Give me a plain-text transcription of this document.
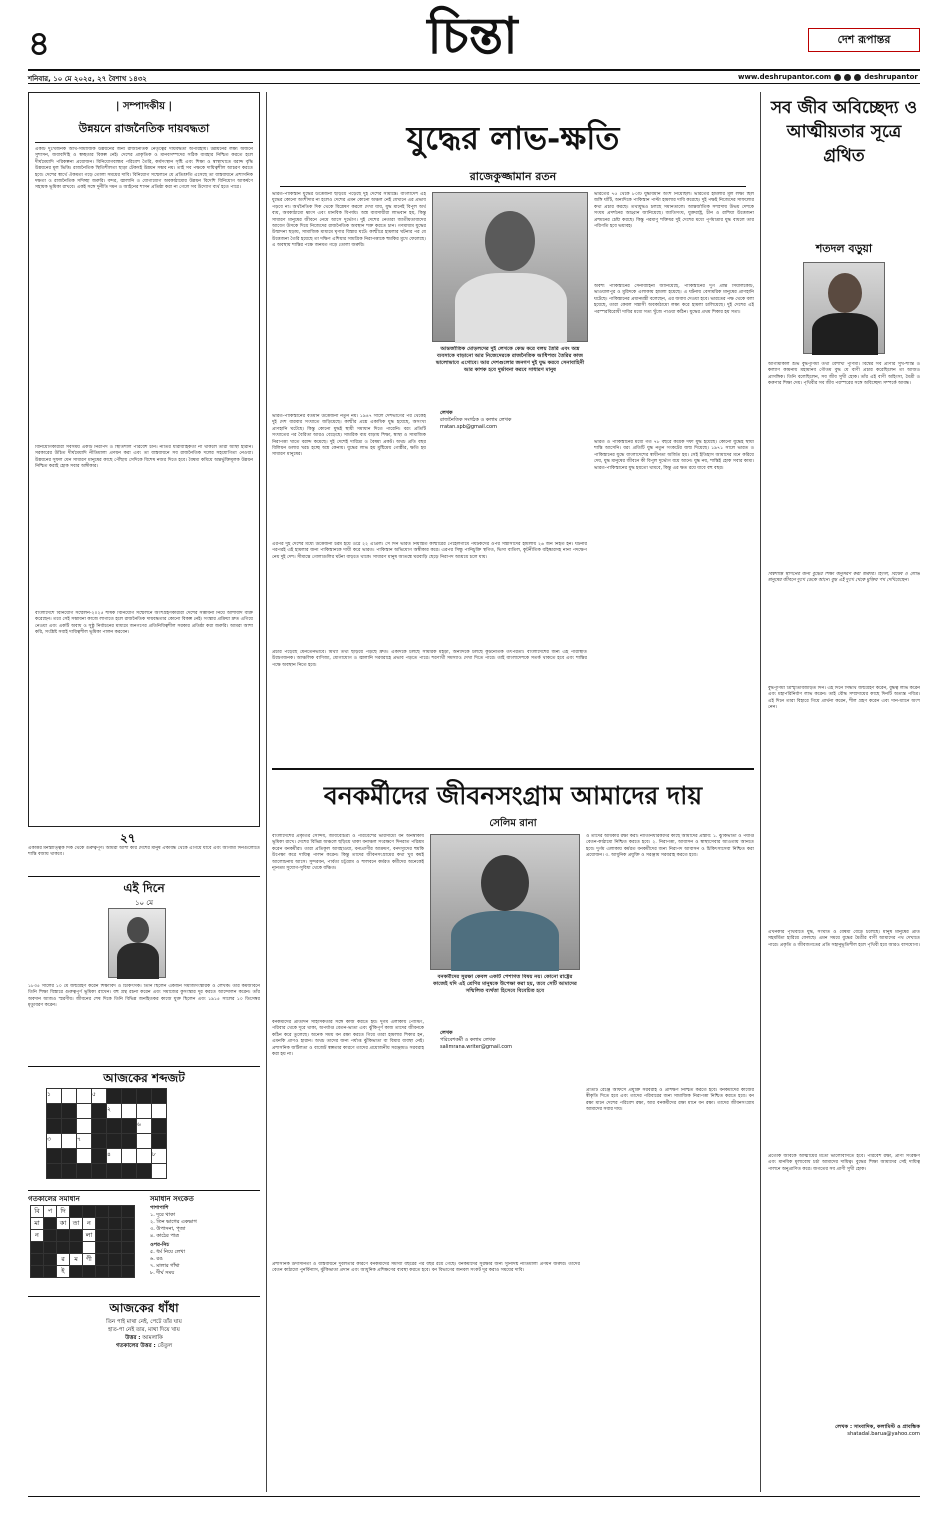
৪	চিন্তা	দেশ রূপান্তর
শনিবার, ১০ মে ২০২৫, ২৭ বৈশাখ ১৪৩২	www.deshrupantor.com	deshrupantor
| সম্পাদকীয় |
উন্নয়নে রাজনৈতিক দায়বদ্ধতা
একটি দুঃখজনক আর্থ-সামাজিক উন্নয়নের জন্য রাজনৈতিক নেতৃত্বের দায়বদ্ধতা অপরিহার্য। উন্নয়নের লক্ষ্য অর্জনে সুশাসন, জবাবদিহি ও স্বচ্ছতার বিকল্প নেই। দেশের প্রাকৃতিক ও মানবসম্পদের সঠিক ব্যবহার নিশ্চিত করতে হলে দীর্ঘমেয়াদি পরিকল্পনা প্রয়োজন। বিনিয়োগবান্ধব পরিবেশ তৈরি, কর্মসংস্থান সৃষ্টি এবং শিক্ষা ও স্বাস্থ্যখাতে বরাদ্দ বৃদ্ধি উন্নয়নের মূল ভিত্তি। রাজনৈতিক স্থিতিশীলতা ছাড়া টেকসই উন্নয়ন সম্ভব নয়। তাই সব পক্ষকে দায়িত্বশীল আচরণ করতে হবে। দেশের স্বার্থে ঐকমত্য গড়ে তোলা সময়ের দাবি। বিনিয়োগ সম্মেলনে যে প্রতিশ্রুতি এসেছে তা বাস্তবায়নে প্রশাসনিক দক্ষতা ও রাজনৈতিক সদিচ্ছা জরুরি। বন্দর, জ্বালানি ও যোগাযোগ অবকাঠামোর উন্নয়ন বিদেশি বিনিয়োগ আকর্ষণে সহায়ক ভূমিকা রাখবে। একই সঙ্গে দুর্নীতি দমন ও আইনের শাসন প্রতিষ্ঠা করা না গেলে সব উদ্যোগ ব্যর্থ হতে পারে।
বিনিয়োগকারীরা সবসময় একটি নিরাপদ ও স্থিতিশীল পরিবেশ চান। নীতির ধারাবাহিকতা না থাকলে তারা আস্থা হারান। সরকারের উচিত দীর্ঘমেয়াদি নীতিমালা প্রণয়ন করা এবং তা বাস্তবায়নে সব রাজনৈতিক দলের সহযোগিতা নেওয়া। উন্নয়নের সুফল যেন সাধারণ মানুষের কাছে পৌঁছায় সেদিকে বিশেষ নজর দিতে হবে। বৈষম্য কমিয়ে অন্তর্ভুক্তিমূলক উন্নয়ন নিশ্চিত করাই হোক সবার অঙ্গীকার।
বাংলাদেশে বিনিয়োগ সম্মেলন-২০২৫ শীর্ষক বিনিয়োগ সম্মেলনে অংশগ্রহণকারীরা দেশের সম্ভাবনা নিয়ে আশাবাদ ব্যক্ত করেছেন। তবে সেই সম্ভাবনা কাজে লাগাতে হলে রাজনৈতিক দায়বদ্ধতার কোনো বিকল্প নেই। সংস্কার প্রক্রিয়া দ্রুত এগিয়ে নেওয়া এবং একটি অবাধ ও সুষ্ঠু নির্বাচনের মাধ্যমে জনগণের প্রতিনিধিত্বশীল সরকার প্রতিষ্ঠা করা জরুরি। আমরা আশা করি, সংশ্লিষ্ট সবাই দায়িত্বশীল ভূমিকা পালন করবেন।
২৭
একাত্তর মনস্তাত্ত্বিক দিক থেকে গুরুত্বপূর্ণ। আমরা আশা করি দেশের মানুষ ঐক্যবদ্ধ থেকে এগিয়ে যাবে এবং আগামী দিনগুলোতে শান্তি বজায় থাকবে।
এই দিনে
১০ মে
১৮৩৫ সালের ১০ মে জন্মগ্রহণ করেন শিক্ষাবিদ ও চিকিৎসক। তিনি ছিলেন একজন সমাজসংস্কারক ও লেখক। তাঁর কর্মজীবনে তিনি শিক্ষা বিস্তারে গুরুত্বপূর্ণ ভূমিকা রাখেন। বহু গ্রন্থ রচনা করেন এবং সমাজের কুসংস্কার দূর করতে আন্দোলন করেন। তাঁর অবদান আজও স্মরণীয়। জীবনের শেষ দিকে তিনি বিভিন্ন জনহিতকর কাজে যুক্ত ছিলেন এবং ১৯১৫ সালের ১০ ডিসেম্বর মৃত্যুবরণ করেন।
আজকের শব্দজট
১			৫				
				২			
						৬	
৩		৭					
				৪			৮

গতকালের সমাধান	সমাধান সংকেত
বি	প	দি					
মা		কা	তা	ন			
ন				লা			

		র	ম	ণী			
		ই					
পাশাপাশি
১. দূরে থাকা
২. তিন ভাগের একভাগ
৩. উপাসনা, পূজা
৪. কাঠের পাত্র
ওপর-নিচ
৫. ধর্ম নিয়ে লেখা
৬. রঙ
৭. মালার গাঁথা
৮. দীর্ঘ সময়
আজকের ধাঁধা
তিন পাই মাথা নেই, পেটে তাঁর ঘায়
হাত-পা নেই তার, মাথা দিয়ে খায়
উত্তর : আমলাকি
গতকালের উত্তর : তেঁতুল
যুদ্ধের লাভ-ক্ষতি
রাজেকুজ্জামান রতন
ভারত-পাকিস্তান যুদ্ধের উত্তেজনা ছড়িয়ে পড়েছে দুই দেশের সীমান্তে। বাংলাদেশ এই যুদ্ধের কোনো অংশীদার না হলেও দেশের এমন কোনো অঞ্চল নেই যেখানে এর প্রভাব পড়বে না। অর্থনৈতিক দিক থেকে বিশ্লেষণ করলে দেখা যায়, যুদ্ধ মানেই বিপুল অর্থ ব্যয়, অবকাঠামো ধ্বংস এবং মানবিক বিপর্যয়। অস্ত্র ব্যবসায়ীরা লাভবান হয়, কিন্তু সাধারণ মানুষের জীবনে নেমে আসে দুর্ভোগ। দুই দেশের নেতারা জাতীয়তাবাদের আবেগ উসকে দিয়ে নিজেদের রাজনৈতিক অবস্থান শক্ত করতে চান। গণমাধ্যম যুদ্ধের উন্মাদনা ছড়ায়, সামাজিক মাধ্যমে ঘৃণার বিস্তার ঘটে। কাশ্মীরে হামলার ঘটনার পর যে উত্তেজনা তৈরি হয়েছে তা দক্ষিণ এশিয়ার সামগ্রিক নিরাপত্তাকে হুমকির মুখে ফেলেছে। এ অবস্থায় শান্তির পক্ষে জনমত গড়ে তোলা জরুরি।
আন্তর্জাতিক মোড়লদের দুই লেখকে কেন্দ্র করে বলয় তৈরি এবং অস্ত্র ব্যবসাকে বাড়ানো আর নিজেদেরকে রাজনৈতিক আধিপত্য তৈরির কাজ ভালোভাবে এগোবে। আর দেশগুলোর জনগণ দুই যুদ্ধ করবে সেনাবাহিনী আর কাশক হবে দুর্ভাবনা করবে সাধারণ মানুষ
লেখক
রাজনৈতিক সংগঠক ও কলাম লেখক
rratan.spb@gmail.com
ভারতের ৭৫ থেকে ৮০টি যুদ্ধবিমান অংশ নিয়েছিল। ভারতের হামলার মূল লক্ষ্য ছিল জঙ্গি ঘাঁটি, অন্যদিকে পাকিস্তান পাল্টা হামলার দাবি করেছে। দুই পক্ষই নিজেদের সাফল্যের কথা প্রচার করছে। তথ্যযুদ্ধও চলছে সমানতালে। আন্তর্জাতিক সম্প্রদায় উভয় দেশকে সংযম প্রদর্শনের আহ্বান জানিয়েছে। জাতিসংঘ, যুক্তরাষ্ট্র, চীন ও রাশিয়া উত্তেজনা প্রশমনের চেষ্টা করছে। কিন্তু পরমাণু শক্তিধর দুই দেশের মধ্যে পূর্ণমাত্রার যুদ্ধ বাধলে তার পরিণতি হবে ভয়াবহ।
অবশ্য পাকিস্তানের সেনাবাহিনী জানিয়েছে, পাকিস্তানের দুর্গ প্রান্ত সিয়ালকোট, ভাওয়ালপুর ও মুরিদকে এলাকায় হামলা হয়েছে। এ ঘটনায় বেসামরিক মানুষের প্রাণহানি ঘটেছে। পাকিস্তানের প্রধানমন্ত্রী বলেছেন, এর জবাব দেওয়া হবে। ভারতের পক্ষ থেকে বলা হয়েছে, তারা কেবল সন্ত্রাসী অবকাঠামো লক্ষ্য করে হামলা চালিয়েছে। দুই দেশের এই পরস্পরবিরোধী দাবির মধ্যে সত্য খুঁজে পাওয়া কঠিন। যুদ্ধের প্রথম শিকার হয় সত্য।
ভারত-পাকিস্তানের বর্তমান উত্তেজনা নতুন নয়। ১৯৪৭ সালে দেশভাগের পর থেকেই দুই দেশ বারবার সংঘাতে জড়িয়েছে। কাশ্মীর প্রশ্নে একাধিক যুদ্ধ হয়েছে, অসংখ্য প্রাণহানি ঘটেছে। কিন্তু কোনো যুদ্ধই স্থায়ী সমাধান দিতে পারেনি। বরং প্রতিটি সংঘাতের পর বৈরিতা আরও বেড়েছে। সামরিক ব্যয় বাড়ায় শিক্ষা, স্বাস্থ্য ও সামাজিক নিরাপত্তা খাতে বরাদ্দ কমেছে। দুই দেশেই দারিদ্র্য ও বৈষম্য প্রকট। অথচ প্রতি বছর বিলিয়ন ডলার খরচ হচ্ছে অস্ত্র কেনায়। যুদ্ধের লাভ হয় মুষ্টিমেয় গোষ্ঠীর, ক্ষতি হয় সাধারণ মানুষের।
এরপর দুই দেশের মধ্যে উত্তেজনা চরম হয়ে ওঠে ২২ এপ্রিল। সে দিন ভারত নিয়ন্ত্রিত কাশ্মীরের পেহেলগামে পর্যটকদের ওপর সন্ত্রাসীদের হামলায় ২৬ জন নিহত হন। ঘটনার পরপরই এই হামলার জন্য পাকিস্তানকে দায়ী করে ভারত। পাকিস্তান অভিযোগ অস্বীকার করে। এরপর সিন্ধু পানিচুক্তি স্থগিত, ভিসা বাতিল, কূটনীতিক বহিষ্কারসহ নানা পদক্ষেপ নেয় দুই দেশ। সীমান্তে গোলাগুলির ঘটনা বাড়তে থাকে। সাধারণ মানুষ আতঙ্কে ঘরবাড়ি ছেড়ে নিরাপদ আশ্রয়ে চলে যায়।
প্রচার পড়েছে যেনতেনভাবে। মিথ্যা তথ্য ছড়িয়ে পড়ছে দ্রুত। একদিকে চলছে সামরিক মহড়া, অন্যদিকে চলছে কূটনৈতিক তৎপরতা। বাংলাদেশের জন্য এই পরিস্থিতি উদ্বেগজনক। আঞ্চলিক বাণিজ্য, যোগাযোগ ও জ্বালানি সরবরাহে প্রভাব পড়তে পারে। শরণার্থী সমস্যাও দেখা দিতে পারে। তাই বাংলাদেশকে সতর্ক থাকতে হবে এবং শান্তির পক্ষে অবস্থান নিতে হবে।
ভারত ও পাকিস্তানের মধ্যে গত ৭৮ বছরে কয়েক দফা যুদ্ধ হয়েছে। কোনো যুদ্ধেই স্থায়ী শান্তি আসেনি। বরং প্রতিটি যুদ্ধ নতুন সংকটের জন্ম দিয়েছে। ১৯৭১ সালে ভারত ও পাকিস্তানের যুদ্ধে বাংলাদেশের স্বাধীনতা অর্জিত হয়। সেই ইতিহাস আমাদের মনে করিয়ে দেয়, যুদ্ধ মানুষের জীবনে কী বিপুল দুর্ভোগ বয়ে আনে। যুদ্ধ নয়, শান্তিই হোক সবার কাম্য। ভারত-পাকিস্তানের যুদ্ধ হয়তো থামবে, কিন্তু এর ক্ষত রয়ে যাবে বহু বছর।
বনকর্মীদের জীবনসংগ্রাম আমাদের দায়
সেলিম রানা
বাংলাদেশের প্রকৃতির সৌন্দর্য, জীববৈচিত্র্য ও পরিবেশের ভারসাম্যে বন অনস্বীকার্য ভূমিকা রাখে। দেশের বিভিন্ন অঞ্চলে ছড়িয়ে থাকা বনাঞ্চল সংরক্ষণে দিনরাত পরিশ্রম করেন বনকর্মীরা। তারা প্রতিকূল আবহাওয়া, বন্যপ্রাণীর আক্রমণ, বনদস্যুদের হুমকি উপেক্ষা করে দায়িত্ব পালন করেন। কিন্তু তাদের জীবনসংগ্রামের কথা খুব কমই আলোচনায় আসে। সুন্দরবন, পার্বত্য চট্টগ্রাম ও শালবনে কর্মরত কর্মীদের অনেকেই ন্যূনতম সুযোগ-সুবিধা থেকে বঞ্চিত।
বনকর্মীদের সুরক্ষা কেবল একটি পেশাগত বিষয় নয়। কোনো রাষ্ট্রের কাজেই যদি এই শ্রেণির মানুষকে উপেক্ষা করা হয়, তবে সেটি আমাদের সম্মিলিত ব্যর্থতা হিসেবে বিবেচিত হবে
লেখক
পরিবেশকর্মী ও কলাম লেখক
salimrana.writer@gmail.com
ও তাদের অধিকার রক্ষা করা। নীতিনির্ধারকদের কাছে আমাদের প্রস্তাব: ১. ঝুঁকিভাতা ও পর্যাপ্ত বেতন-কাঠামো নিশ্চিত করতে হবে। ২. নিরাপত্তা, আবাসন ও স্বাস্থ্যসেবার আওতায় আনতে হবে। দুর্গম এলাকায় কর্মরত বনকর্মীদের জন্য নিরাপদ আবাসন ও চিকিৎসাসেবা নিশ্চিত করা প্রয়োজন। ৩. আধুনিক প্রযুক্তি ও সরঞ্জাম সরবরাহ করতে হবে।
বনকর্মীদের প্রতিদিন সাহসিকতার সঙ্গে কাজ করতে হয়। দুর্গম এলাকায় পোস্টিং, পরিবার থেকে দূরে থাকা, অপর্যাপ্ত বেতন-ভাতা এবং ঝুঁকিপূর্ণ কাজ তাদের জীবনকে কঠিন করে তুলেছে। অনেক সময় বন রক্ষা করতে গিয়ে তারা হামলার শিকার হন, এমনকি প্রাণও হারান। অথচ তাদের জন্য পর্যাপ্ত ঝুঁকিভাতা বা বিমার ব্যবস্থা নেই। প্রশাসনিক জটিলতা ও বাজেট স্বল্পতার কারণে তাদের প্রয়োজনীয় সরঞ্জামও সরবরাহ করা হয় না।
প্রশাসনিক উদাসীনতা ও বাস্তবায়নে দুর্বলতার কারণে বনকর্মীদের সমস্যা বছরের পর বছর রয়ে গেছে। বনকর্মীদের সুরক্ষার জন্য সুনির্দিষ্ট নীতিমালা প্রণয়ন জরুরি। তাদের বেতন কাঠামো পুনর্বিন্যাস, ঝুঁকিভাতা প্রদান এবং আধুনিক প্রশিক্ষণের ব্যবস্থা করতে হবে। বন বিভাগের জনবল সংকট দূর করাও সময়ের দাবি।
প্রতিটি রেঞ্জে অফিসে প্রযুক্তি সরবরাহ ও প্রশিক্ষণ নিশ্চিত করতে হবে। বনকর্মীদের কাজের স্বীকৃতি দিতে হবে এবং তাদের পরিবারের জন্য সামাজিক নিরাপত্তা নিশ্চিত করতে হবে। বন রক্ষা মানে দেশের পরিবেশ রক্ষা, আর বনকর্মীদের রক্ষা মানে বন রক্ষা। তাদের জীবনসংগ্রাম আমাদের সবার দায়।
সব জীব অবিচ্ছেদ্য ও আত্মীয়তার সূত্রে গ্রথিত
শতদল বড়ুয়া
আগামীকাল শুভ বুদ্ধপূর্ণিমা তথা বৈশাখী পূর্ণিমা। বিশ্বের সব প্রাণীর সুখ-শান্তি ও কল্যাণ কামনায় মহামানব গৌতম বুদ্ধ যে বাণী প্রচার করেছিলেন তা আজও প্রাসঙ্গিক। তিনি বলেছিলেন, সব জীব সুখী হোক। তাঁর এই বাণী অহিংসা, মৈত্রী ও করুণার শিক্ষা দেয়। পৃথিবীর সব জীব পরস্পরের সঙ্গে অবিচ্ছেদ্য সম্পর্কে আবদ্ধ।
বিশ্বশান্তি স্থাপনের জন্য বুদ্ধের শিক্ষা অনুসরণ করা জরুরি। হিংসা, বিদ্বেষ ও লোভ মানুষের জীবনে দুঃখ ডেকে আনে। বুদ্ধ এই দুঃখ থেকে মুক্তির পথ দেখিয়েছেন।
বুদ্ধপূর্ণিমা ত্রিস্মৃতিবিজড়িত দিন। এই দিনে সিদ্ধার্থ জন্মগ্রহণ করেন, বুদ্ধত্ব লাভ করেন এবং মহাপরিনির্বাণ লাভ করেন। তাই বৌদ্ধ সম্প্রদায়ের কাছে দিনটি অত্যন্ত পবিত্র। এই দিনে তারা বিহারে গিয়ে প্রার্থনা করেন, শীল গ্রহণ করেন এবং দান-ধ্যানে অংশ নেন।
এখনকার পৃথিবীতে যুদ্ধ, সংঘাত ও বৈষম্য বেড়ে চলেছে। মানুষ মানুষের প্রতি সহমর্মিতা হারিয়ে ফেলছে। এমন সময়ে বুদ্ধের মৈত্রীর বাণী আমাদের পথ দেখাতে পারে। প্রকৃতি ও জীবজগতের প্রতি সহানুভূতিশীল হলে পৃথিবী হবে আরও বাসযোগ্য।
প্রত্যেক জীবকে আত্মীয়ের মতো ভালোবাসতে হবে। পরিবেশ রক্ষা, প্রাণী সংরক্ষণ এবং মানবিক মূল্যবোধ চর্চা আমাদের দায়িত্ব। বুদ্ধের শিক্ষা আমাদের সেই দায়িত্ব পালনে অনুপ্রাণিত করে। জগতের সব প্রাণী সুখী হোক।
লেখক : সাংবাদিক, কলামিস্ট ও প্রাবন্ধিক
shatadal.barua@yahoo.com
